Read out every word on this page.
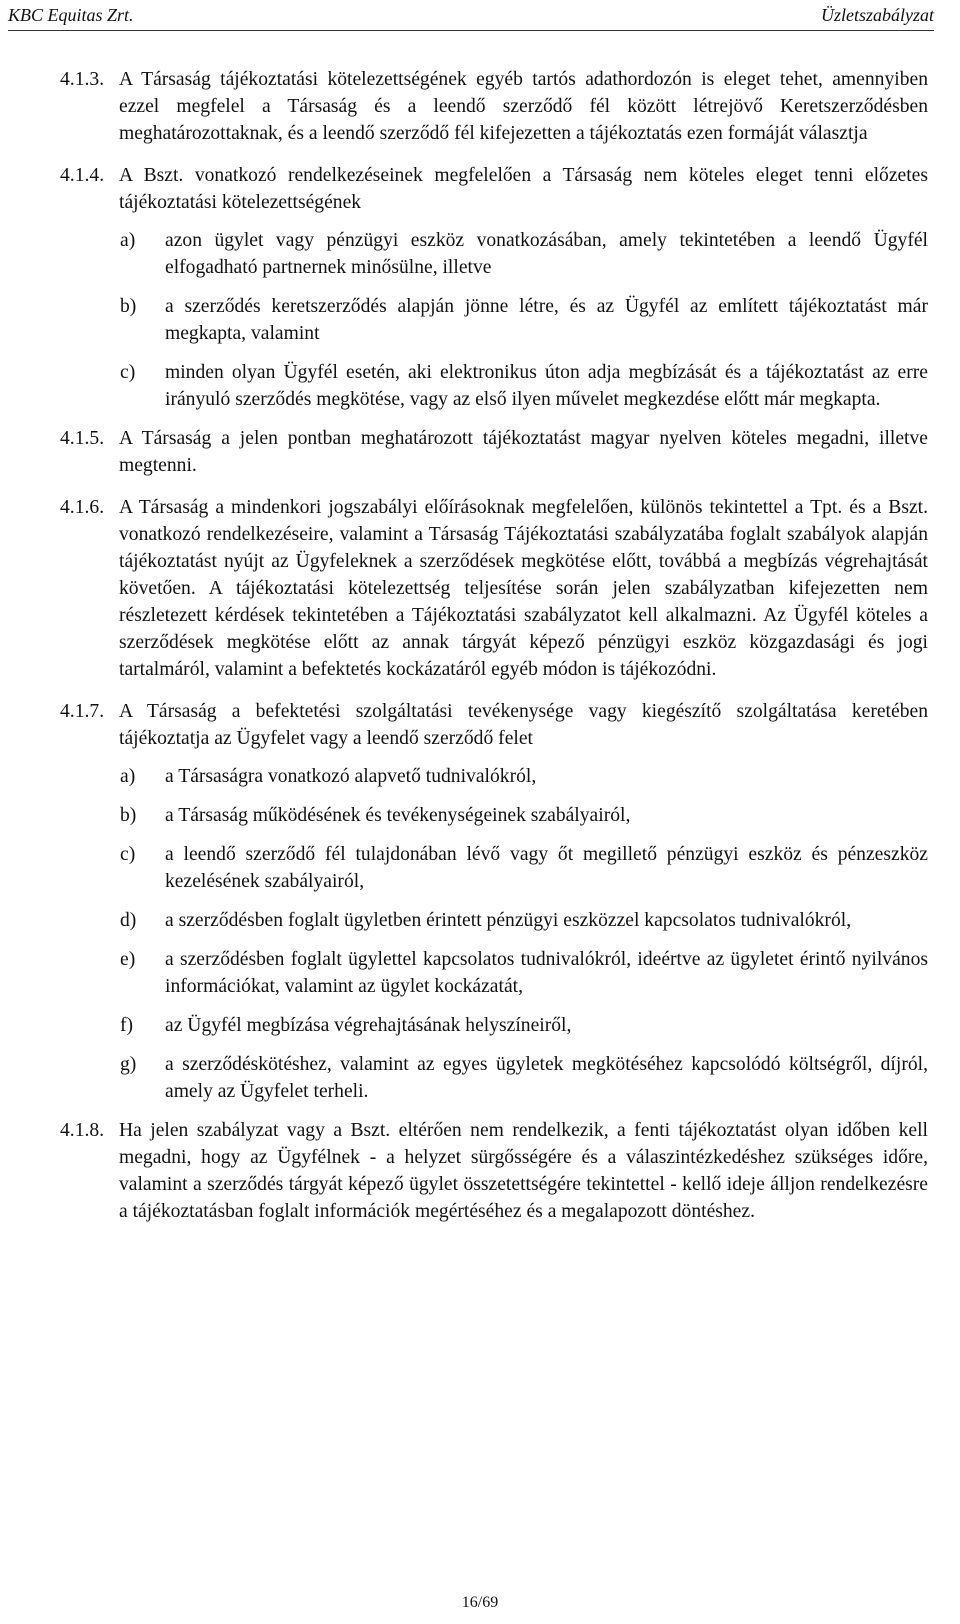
KBC Equitas Zrt.	Üzletszabályzat
4.1.3. A Társaság tájékoztatási kötelezettségének egyéb tartós adathordozón is eleget tehet, amennyiben ezzel megfelel a Társaság és a leendő szerződő fél között létrejövő Keretszerződésben meghatározottaknak, és a leendő szerződő fél kifejezetten a tájékoztatás ezen formáját választja
4.1.4. A Bszt. vonatkozó rendelkezéseinek megfelelően a Társaság nem köteles eleget tenni előzetes tájékoztatási kötelezettségének
a) azon ügylet vagy pénzügyi eszköz vonatkozásában, amely tekintetében a leendő Ügyfél elfogadható partnernek minősülne, illetve
b) a szerződés keretszerződés alapján jönne létre, és az Ügyfél az említett tájékoztatást már megkapta, valamint
c) minden olyan Ügyfél esetén, aki elektronikus úton adja megbízását és a tájékoztatást az erre irányuló szerződés megkötése, vagy az első ilyen művelet megkezdése előtt már megkapta.
4.1.5. A Társaság a jelen pontban meghatározott tájékoztatást magyar nyelven köteles megadni, illetve megtenni.
4.1.6. A Társaság a mindenkori jogszabályi előírásoknak megfelelően, különös tekintettel a Tpt. és a Bszt. vonatkozó rendelkezéseire, valamint a Társaság Tájékoztatási szabályzatába foglalt szabályok alapján tájékoztatást nyújt az Ügyfeleknek a szerződések megkötése előtt, továbbá a megbízás végrehajtását követően. A tájékoztatási kötelezettség teljesítése során jelen szabályzatban kifejezetten nem részletezett kérdések tekintetében a Tájékoztatási szabályzatot kell alkalmazni. Az Ügyfél köteles a szerződések megkötése előtt az annak tárgyát képező pénzügyi eszköz közgazdasági és jogi tartalmáról, valamint a befektetés kockázatáról egyéb módon is tájékozódni.
4.1.7. A Társaság a befektetési szolgáltatási tevékenysége vagy kiegészítő szolgáltatása keretében tájékoztatja az Ügyfelet vagy a leendő szerződő felet
a) a Társaságra vonatkozó alapvető tudnivalókról,
b) a Társaság működésének és tevékenységeinek szabályairól,
c) a leendő szerződő fél tulajdonában lévő vagy őt megillető pénzügyi eszköz és pénzeszköz kezelésének szabályairól,
d) a szerződésben foglalt ügyletben érintett pénzügyi eszközzel kapcsolatos tudnivalókról,
e) a szerződésben foglalt ügylettel kapcsolatos tudnivalókról, ideértve az ügyletet érintő nyilvános információkat, valamint az ügylet kockázatát,
f) az Ügyfél megbízása végrehajtásának helyszíneiről,
g) a szerződéskötéshez, valamint az egyes ügyletek megkötéséhez kapcsolódó költségről, díjról, amely az Ügyfelet terheli.
4.1.8. Ha jelen szabályzat vagy a Bszt. eltérően nem rendelkezik, a fenti tájékoztatást olyan időben kell megadni, hogy az Ügyfélnek - a helyzet sürgősségére és a válaszintézkedéshez szükséges időre, valamint a szerződés tárgyát képező ügylet összetettségére tekintettel - kellő ideje álljon rendelkezésre a tájékoztatásban foglalt információk megértéséhez és a megalapozott döntéshez.
16/69
